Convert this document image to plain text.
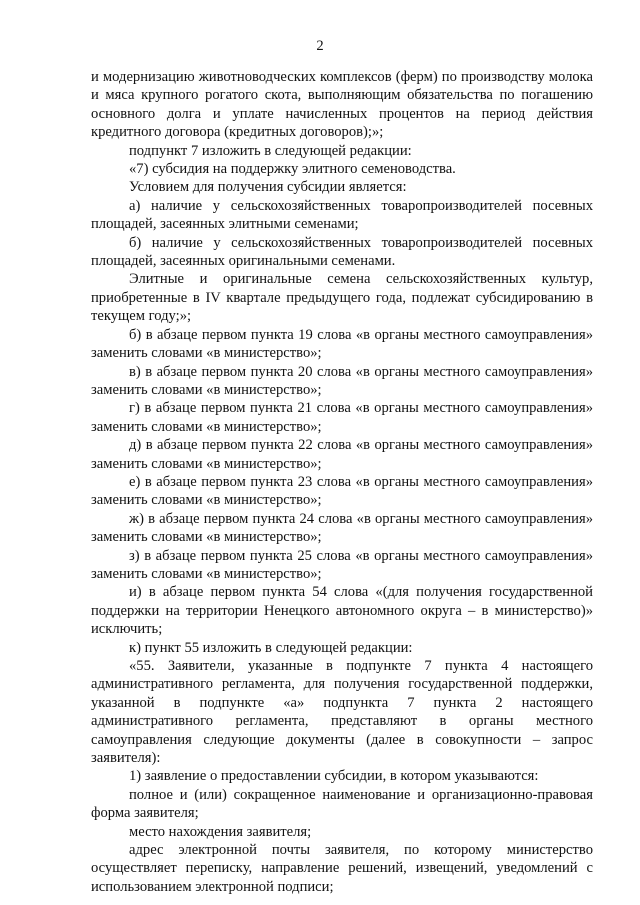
2

и модернизацию животноводческих комплексов (ферм) по производству молока и мяса крупного рогатого скота, выполняющим обязательства по погашению основного долга и уплате начисленных процентов на период действия кредитного договора (кредитных договоров);»;

подпункт 7 изложить в следующей редакции:

«7) субсидия на поддержку элитного семеноводства.

Условием для получения субсидии является:

а) наличие у сельскохозяйственных товаропроизводителей посевных площадей, засеянных элитными семенами;

б) наличие у сельскохозяйственных товаропроизводителей посевных площадей, засеянных оригинальными семенами.

Элитные и оригинальные семена сельскохозяйственных культур, приобретенные в IV квартале предыдущего года, подлежат субсидированию в текущем году;»;

б) в абзаце первом пункта 19 слова «в органы местного самоуправления» заменить словами «в министерство»;

в) в абзаце первом пункта 20 слова «в органы местного самоуправления» заменить словами «в министерство»;

г) в абзаце первом пункта 21 слова «в органы местного самоуправления» заменить словами «в министерство»;

д) в абзаце первом пункта 22 слова «в органы местного самоуправления» заменить словами «в министерство»;

е) в абзаце первом пункта 23 слова «в органы местного самоуправления» заменить словами «в министерство»;

ж) в абзаце первом пункта 24 слова «в органы местного самоуправления» заменить словами «в министерство»;

з) в абзаце первом пункта 25 слова «в органы местного самоуправления» заменить словами «в министерство»;

и) в абзаце первом пункта 54 слова «(для получения государственной поддержки на территории Ненецкого автономного округа – в министерство)» исключить;

к) пункт 55 изложить в следующей редакции:

«55. Заявители, указанные в подпункте 7 пункта 4 настоящего административного регламента, для получения государственной поддержки, указанной в подпункте «а» подпункта 7 пункта 2 настоящего административного регламента, представляют в органы местного самоуправления следующие документы (далее в совокупности – запрос заявителя):

1) заявление о предоставлении субсидии, в котором указываются:

полное и (или) сокращенное наименование и организационно-правовая форма заявителя;

место нахождения заявителя;

адрес электронной почты заявителя, по которому министерство осуществляет переписку, направление решений, извещений, уведомлений с использованием электронной подписи;
